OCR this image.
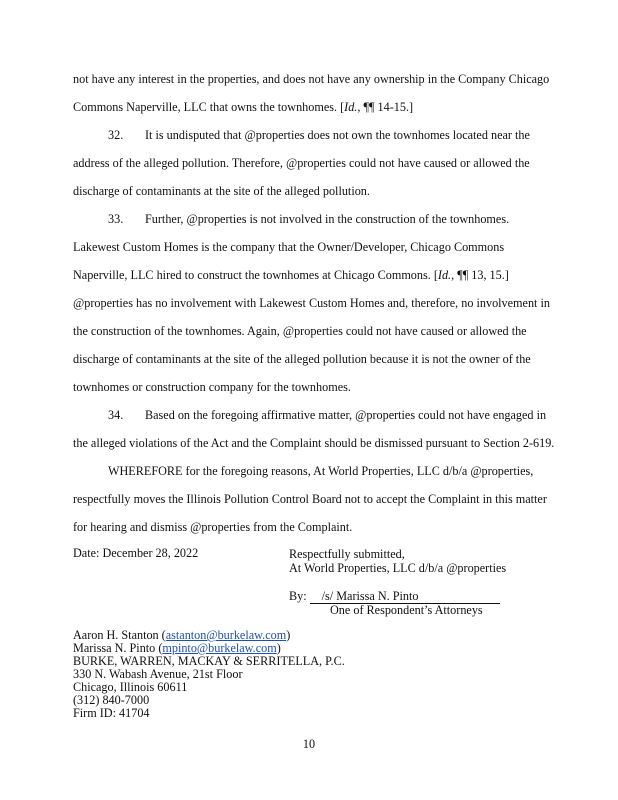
not have any interest in the properties, and does not have any ownership in the Company Chicago
Commons Naperville, LLC that owns the townhomes. [Id., ¶¶ 14-15.]
32. It is undisputed that @properties does not own the townhomes located near the
address of the alleged pollution. Therefore, @properties could not have caused or allowed the
discharge of contaminants at the site of the alleged pollution.
33. Further, @properties is not involved in the construction of the townhomes.
Lakewest Custom Homes is the company that the Owner/Developer, Chicago Commons
Naperville, LLC hired to construct the townhomes at Chicago Commons. [Id., ¶¶ 13, 15.]
@properties has no involvement with Lakewest Custom Homes and, therefore, no involvement in
the construction of the townhomes. Again, @properties could not have caused or allowed the
discharge of contaminants at the site of the alleged pollution because it is not the owner of the
townhomes or construction company for the townhomes.
34. Based on the foregoing affirmative matter, @properties could not have engaged in
the alleged violations of the Act and the Complaint should be dismissed pursuant to Section 2-619.
WHEREFORE for the foregoing reasons, At World Properties, LLC d/b/a @properties,
respectfully moves the Illinois Pollution Control Board not to accept the Complaint in this matter
for hearing and dismiss @properties from the Complaint.
Date: December 28, 2022	Respectfully submitted,
At World Properties, LLC d/b/a @properties
By: /s/ Marissa N. Pinto
One of Respondent’s Attorneys
Aaron H. Stanton (astanton@burkelaw.com)
Marissa N. Pinto (mpinto@burkelaw.com)
BURKE, WARREN, MACKAY & SERRITELLA, P.C.
330 N. Wabash Avenue, 21st Floor
Chicago, Illinois 60611
(312) 840-7000
Firm ID: 41704
10
